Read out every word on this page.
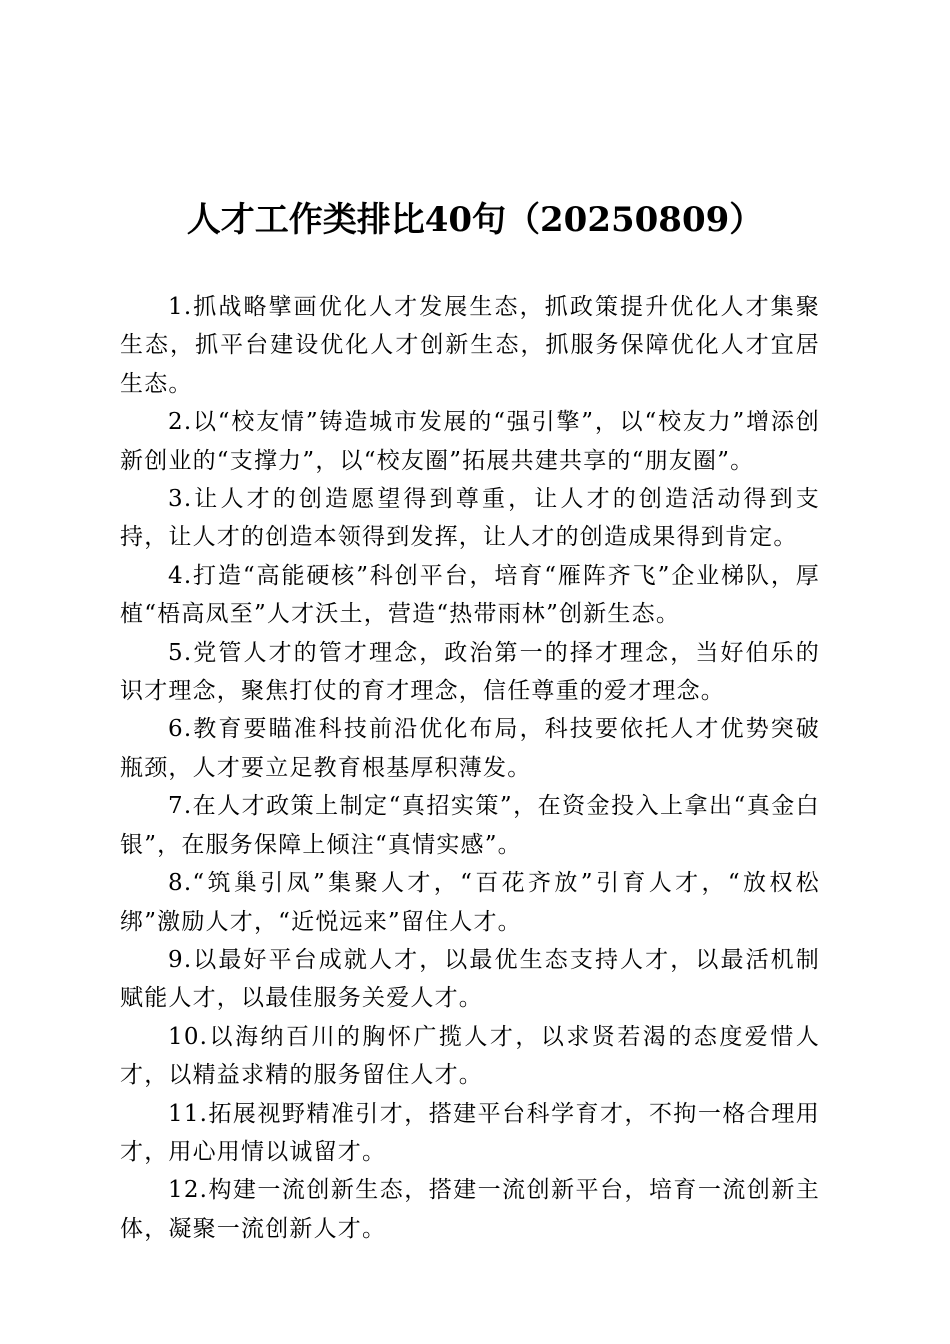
人才工作类排比40句（20250809）

1.抓战略擘画优化人才发展生态，抓政策提升优化人才集聚生态，抓平台建设优化人才创新生态，抓服务保障优化人才宜居生态。

2.以“校友情”铸造城市发展的“强引擎”，以“校友力”增添创新创业的“支撑力”，以“校友圈”拓展共建共享的“朋友圈”。

3.让人才的创造愿望得到尊重，让人才的创造活动得到支持，让人才的创造本领得到发挥，让人才的创造成果得到肯定。

4.打造“高能硬核”科创平台，培育“雁阵齐飞”企业梯队，厚植“梧高凤至”人才沃土，营造“热带雨林”创新生态。

5.党管人才的管才理念，政治第一的择才理念，当好伯乐的识才理念，聚焦打仗的育才理念，信任尊重的爱才理念。

6.教育要瞄准科技前沿优化布局，科技要依托人才优势突破瓶颈，人才要立足教育根基厚积薄发。

7.在人才政策上制定“真招实策”，在资金投入上拿出“真金白银”，在服务保障上倾注“真情实感”。

8.“筑巢引凤”集聚人才，“百花齐放”引育人才，“放权松绑”激励人才，“近悦远来”留住人才。

9.以最好平台成就人才，以最优生态支持人才，以最活机制赋能人才，以最佳服务关爱人才。

10.以海纳百川的胸怀广揽人才，以求贤若渴的态度爱惜人才，以精益求精的服务留住人才。

11.拓展视野精准引才，搭建平台科学育才，不拘一格合理用才，用心用情以诚留才。

12.构建一流创新生态，搭建一流创新平台，培育一流创新主体，凝聚一流创新人才。
